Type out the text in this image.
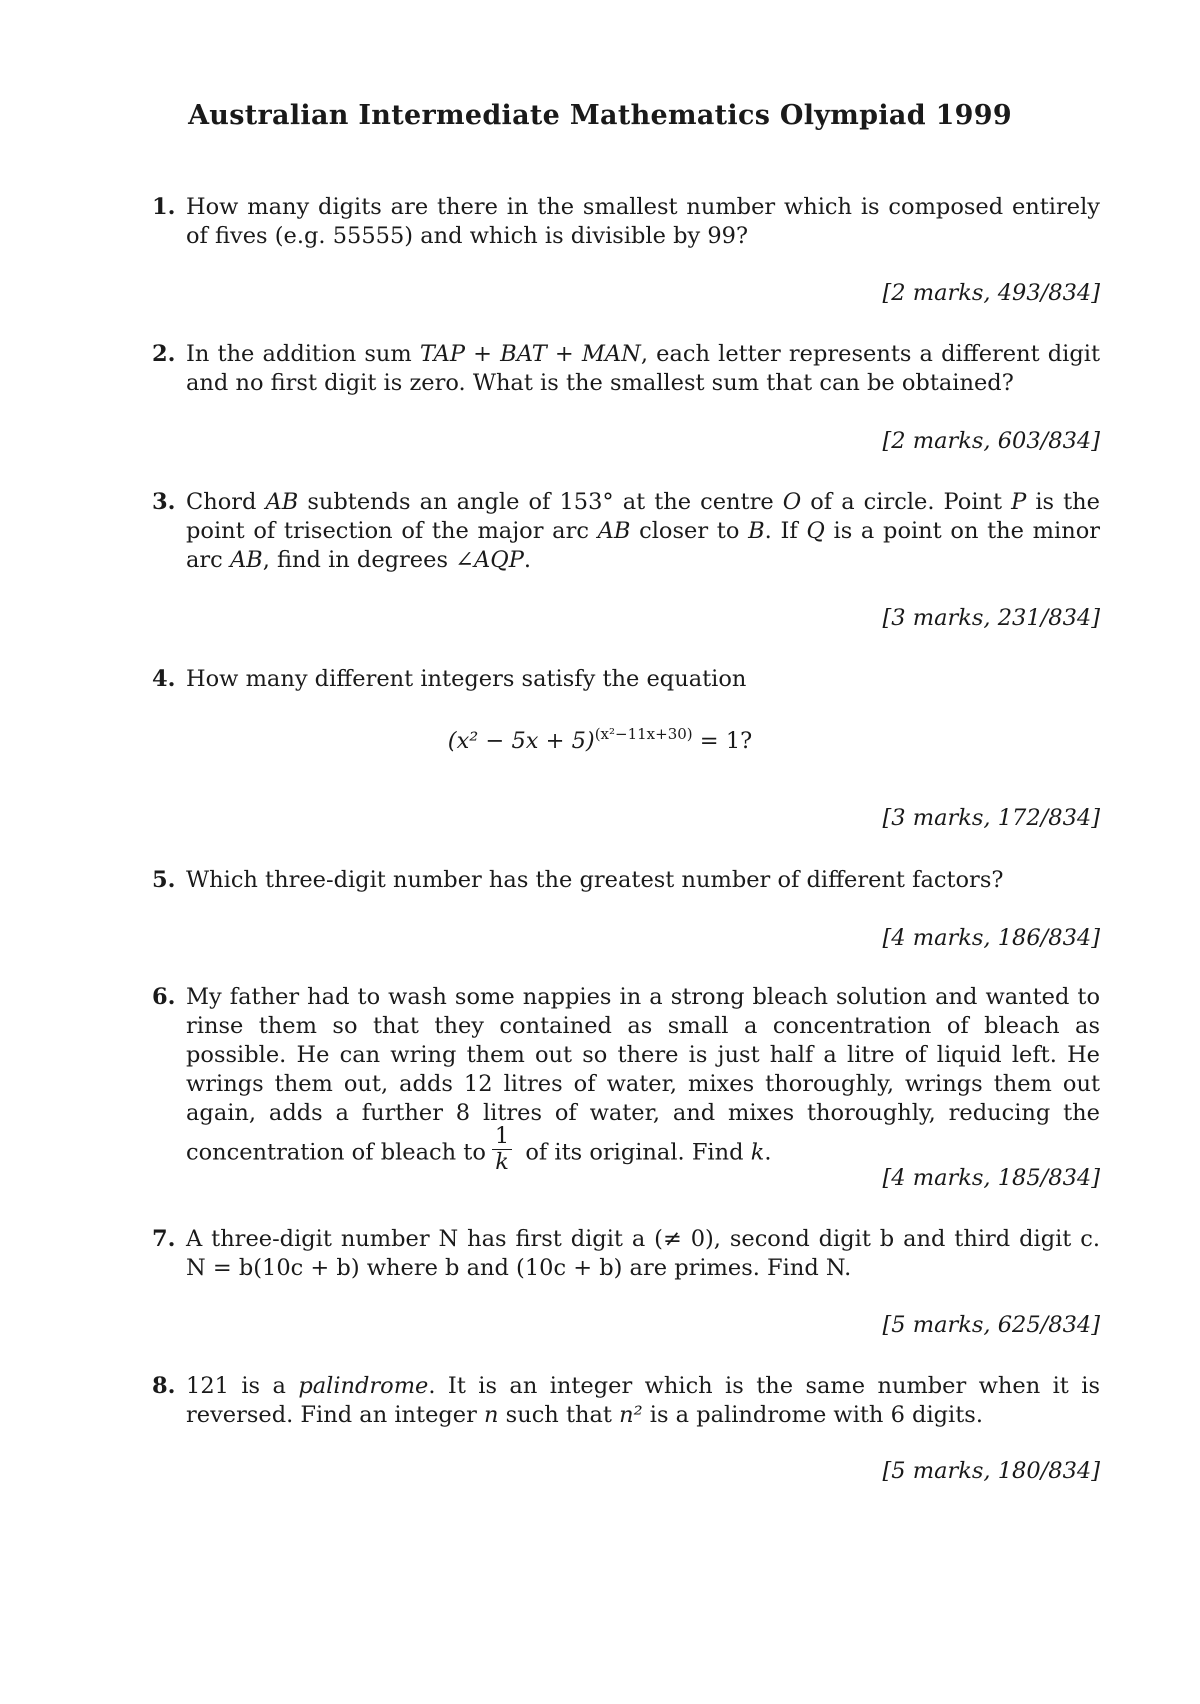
Australian Intermediate Mathematics Olympiad 1999
1. How many digits are there in the smallest number which is composed entirely of fives (e.g. 55555) and which is divisible by 99?
[2 marks, 493/834]
2. In the addition sum TAP + BAT + MAN, each letter represents a different digit and no first digit is zero. What is the smallest sum that can be obtained?
[2 marks, 603/834]
3. Chord AB subtends an angle of 153° at the centre O of a circle. Point P is the point of trisection of the major arc AB closer to B. If Q is a point on the minor arc AB, find in degrees ∠AQP.
[3 marks, 231/834]
4. How many different integers satisfy the equation
$(x^2 - 5x + 5)^{(x^2-11x+30)} = 1$?
[3 marks, 172/834]
5. Which three-digit number has the greatest number of different factors?
[4 marks, 186/834]
6. My father had to wash some nappies in a strong bleach solution and wanted to rinse them so that they contained as small a concentration of bleach as possible. He can wring them out so there is just half a litre of liquid left. He wrings them out, adds 12 litres of water, mixes thoroughly, wrings them out again, adds a further 8 litres of water, and mixes thoroughly, reducing the concentration of bleach to $\frac{1}{k}$ of its original. Find k.
[4 marks, 185/834]
7. A three-digit number N has first digit a (≠ 0), second digit b and third digit c.
N = b(10c + b) where b and (10c + b) are primes. Find N.
[5 marks, 625/834]
8. 121 is a palindrome. It is an integer which is the same number when it is reversed. Find an integer n such that n² is a palindrome with 6 digits.
[5 marks, 180/834]
